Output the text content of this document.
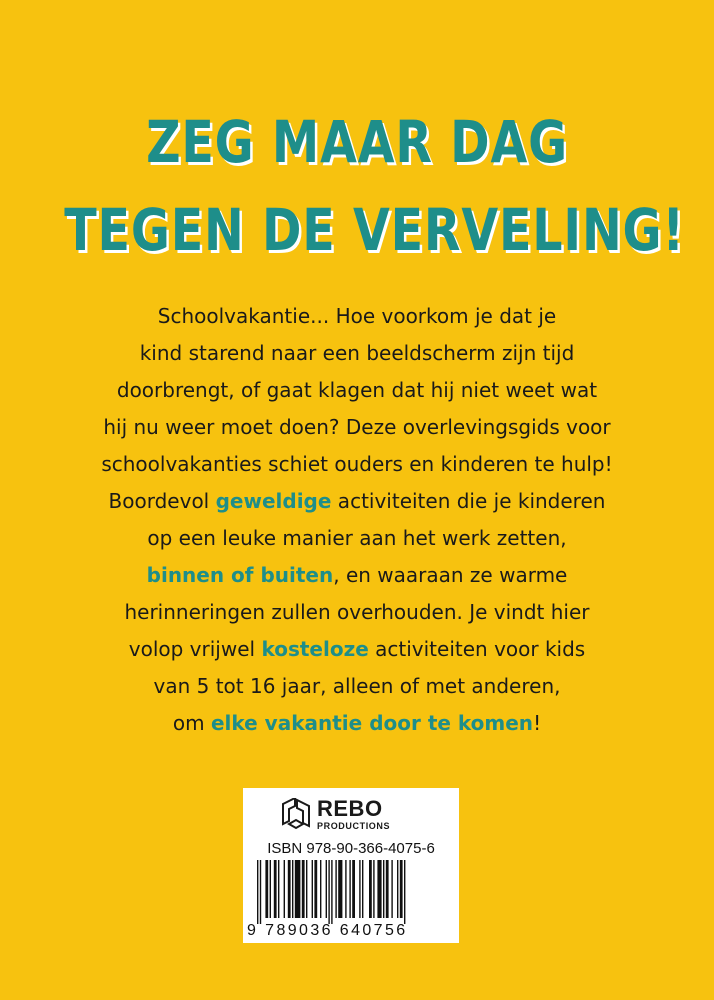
ZEG MAAR DAG
TEGEN DE VERVELING!
Schoolvakantie... Hoe voorkom je dat je
kind starend naar een beeldscherm zijn tijd
doorbrengt, of gaat klagen dat hij niet weet wat
hij nu weer moet doen? Deze overlevingsgids voor
schoolvakanties schiet ouders en kinderen te hulp!
Boordevol geweldige activiteiten die je kinderen
op een leuke manier aan het werk zetten,
binnen of buiten, en waaraan ze warme
herinneringen zullen overhouden. Je vindt hier
volop vrijwel kosteloze activiteiten voor kids
van 5 tot 16 jaar, alleen of met anderen,
om elke vakantie door te komen!
REBO
PRODUCTIONS
ISBN 978-90-366-4075-6
9 789036 640756
